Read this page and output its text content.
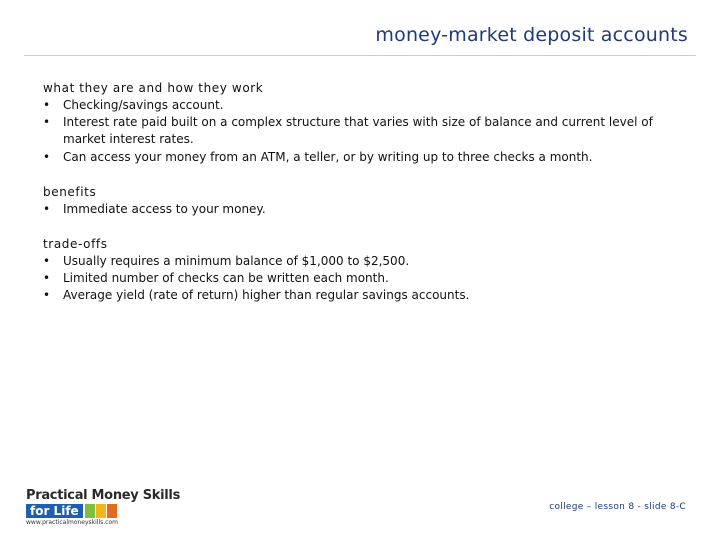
money-market deposit accounts

what they are and how they work

• Checking/savings account.
• Interest rate paid built on a complex structure that varies with size of balance and current level of market interest rates.
• Can access your money from an ATM, a teller, or by writing up to three checks a month.

benefits

• Immediate access to your money.

trade-offs

• Usually requires a minimum balance of $1,000 to $2,500.
• Limited number of checks can be written each month.
• Average yield (rate of return) higher than regular savings accounts.
Practical Money Skills
for Life
www.practicalmoneyskills.com
college – lesson 8 - slide 8-C
